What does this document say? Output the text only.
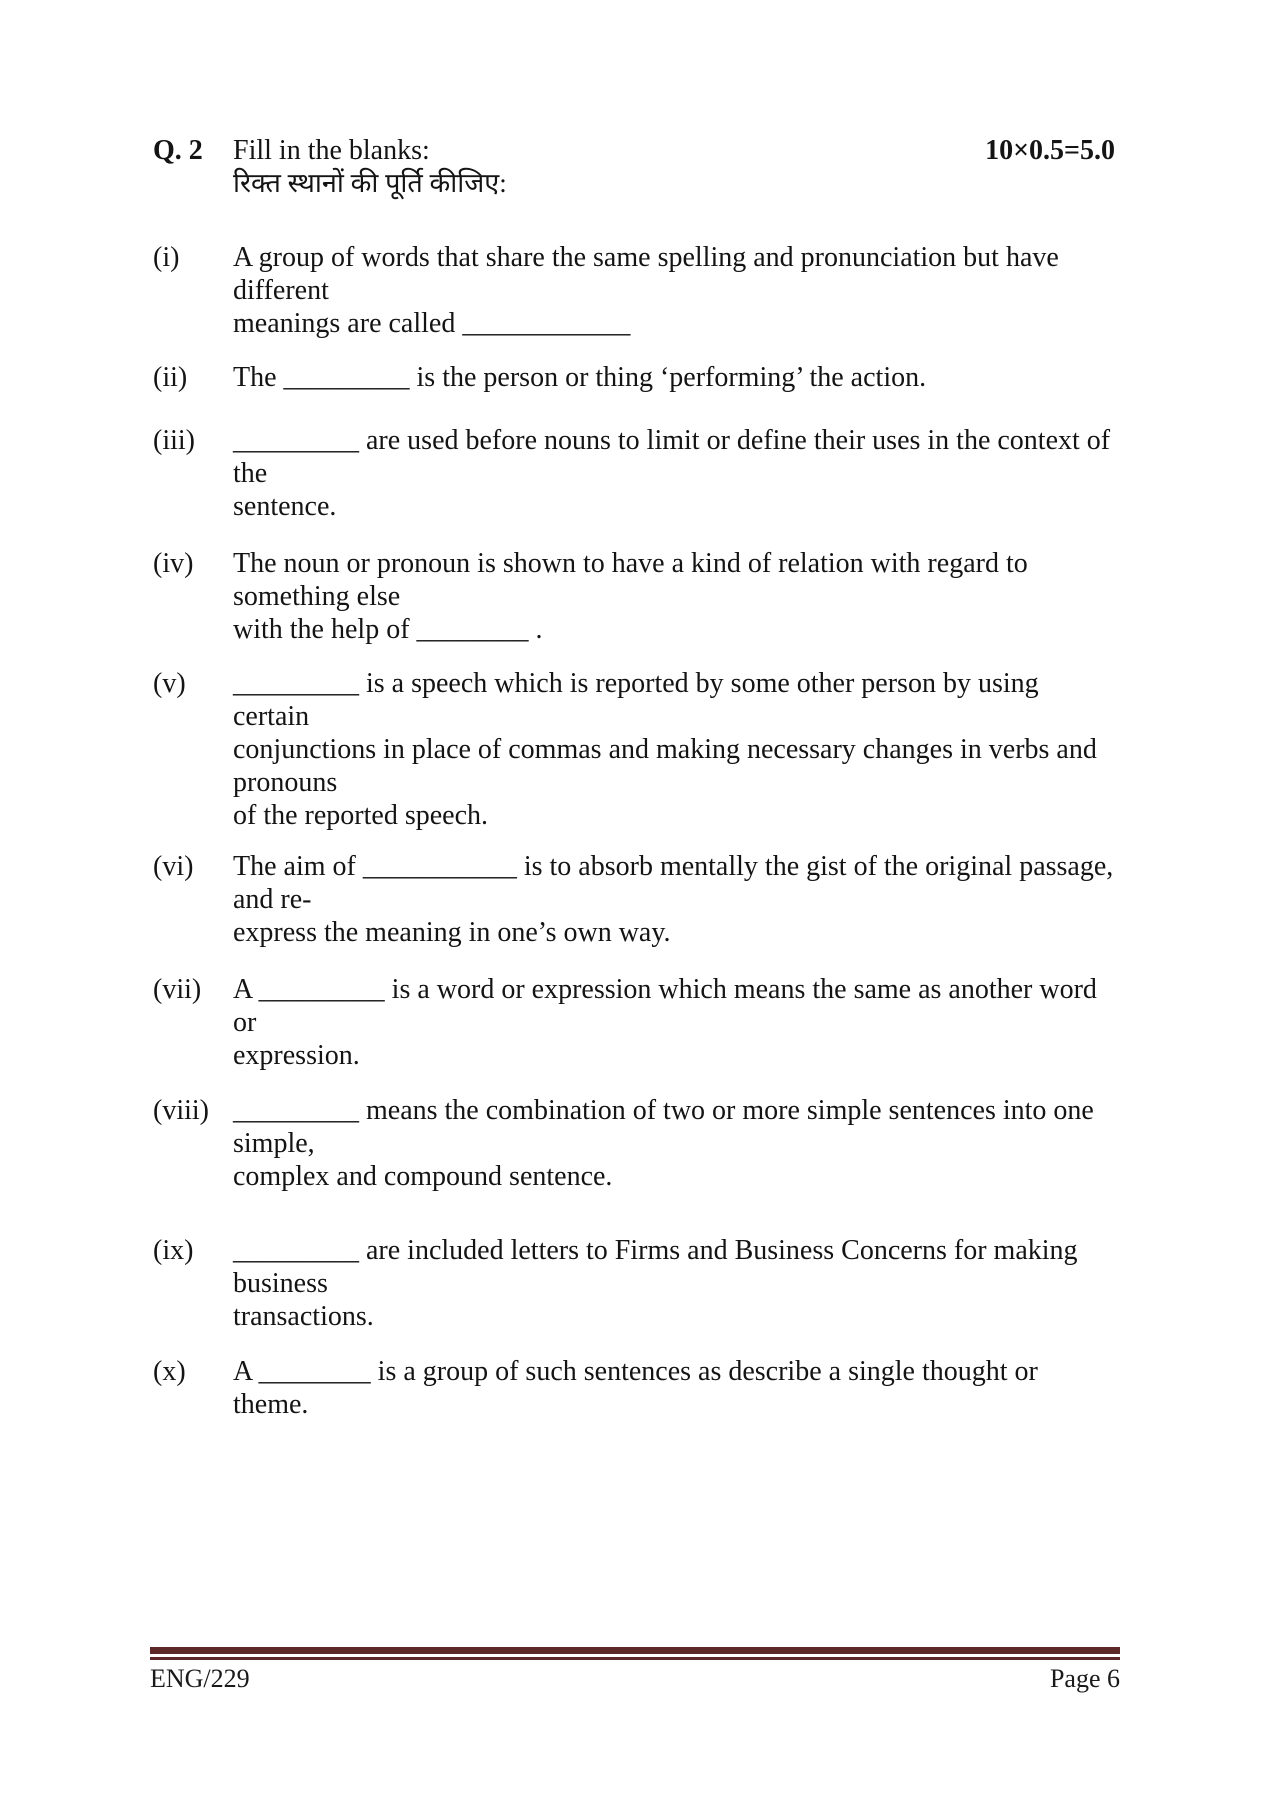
Q. 2	Fill in the blanks:
रिक्त स्थानों की पूर्ति कीजिए:
10×0.5=5.0
(i)	A group of words that share the same spelling and pronunciation but have different
meanings are called ____________
(ii)	The _________ is the person or thing ‘performing’ the action.
(iii)	_________ are used before nouns to limit or define their uses in the context of the
sentence.
(iv)	The noun or pronoun is shown to have a kind of relation with regard to something else
with the help of ________ .
(v)	_________ is a speech which is reported by some other person by using certain
conjunctions in place of commas and making necessary changes in verbs and pronouns
of the reported speech.
(vi)	The aim of ___________ is to absorb mentally the gist of the original passage, and re-
express the meaning in one’s own way.
(vii)	A _________ is a word or expression which means the same as another word or
expression.
(viii) _________ means the combination of two or more simple sentences into one simple,
complex and compound sentence.
(ix)	_________ are included letters to Firms and Business Concerns for making business
transactions.
(x)	A ________ is a group of such sentences as describe a single thought or theme.
ENG/229	Page 6
